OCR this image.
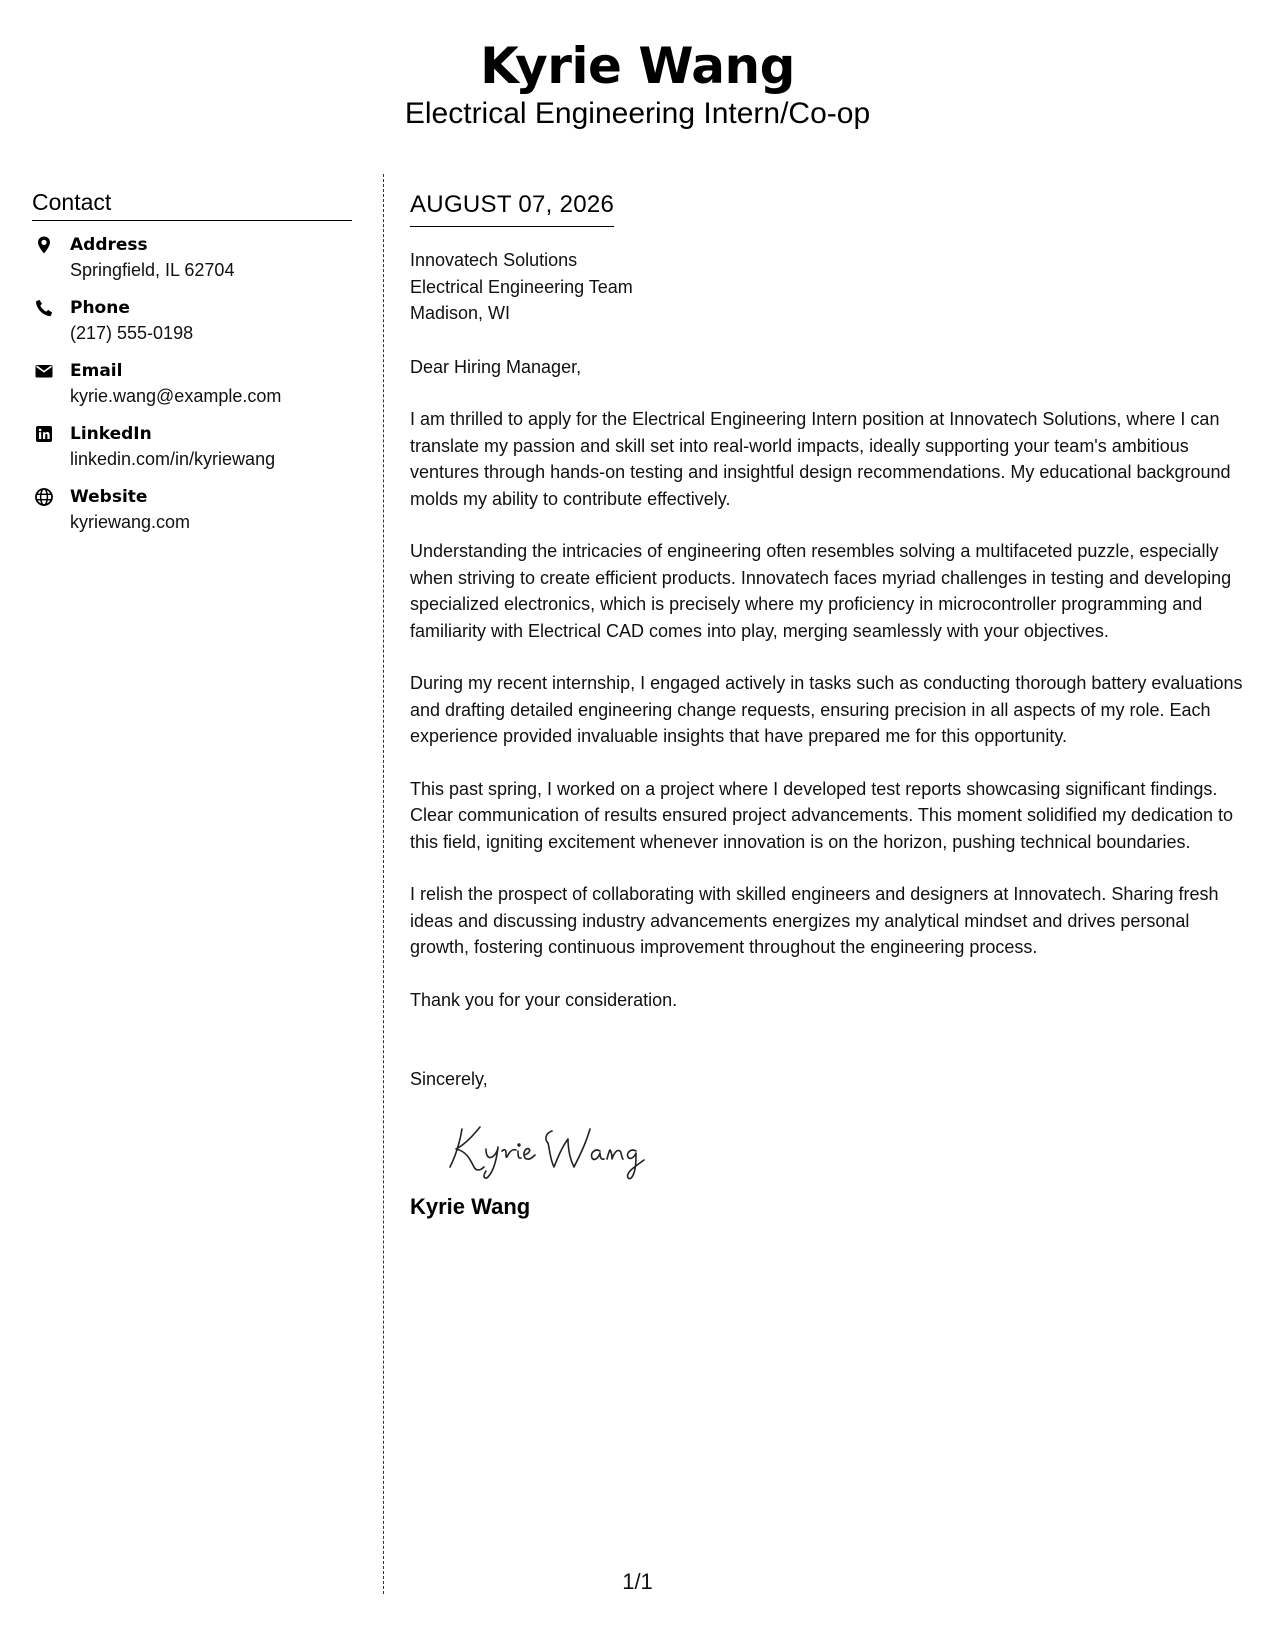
Kyrie Wang
Electrical Engineering Intern/Co-op
Contact
Address
Springfield, IL 62704
Phone
(217) 555-0198
Email
kyrie.wang@example.com
LinkedIn
linkedin.com/in/kyriewang
Website
kyriewang.com
AUGUST 07, 2026
Innovatech Solutions
Electrical Engineering Team
Madison, WI
Dear Hiring Manager,
I am thrilled to apply for the Electrical Engineering Intern position at Innovatech Solutions, where I can translate my passion and skill set into real-world impacts, ideally supporting your team's ambitious ventures through hands-on testing and insightful design recommendations. My educational background molds my ability to contribute effectively.
Understanding the intricacies of engineering often resembles solving a multifaceted puzzle, especially when striving to create efficient products. Innovatech faces myriad challenges in testing and developing specialized electronics, which is precisely where my proficiency in microcontroller programming and familiarity with Electrical CAD comes into play, merging seamlessly with your objectives.
During my recent internship, I engaged actively in tasks such as conducting thorough battery evaluations and drafting detailed engineering change requests, ensuring precision in all aspects of my role. Each experience provided invaluable insights that have prepared me for this opportunity.
This past spring, I worked on a project where I developed test reports showcasing significant findings. Clear communication of results ensured project advancements. This moment solidified my dedication to this field, igniting excitement whenever innovation is on the horizon, pushing technical boundaries.
I relish the prospect of collaborating with skilled engineers and designers at Innovatech. Sharing fresh ideas and discussing industry advancements energizes my analytical mindset and drives personal growth, fostering continuous improvement throughout the engineering process.
Thank you for your consideration.
Sincerely,
Kyrie Wang
1/1
